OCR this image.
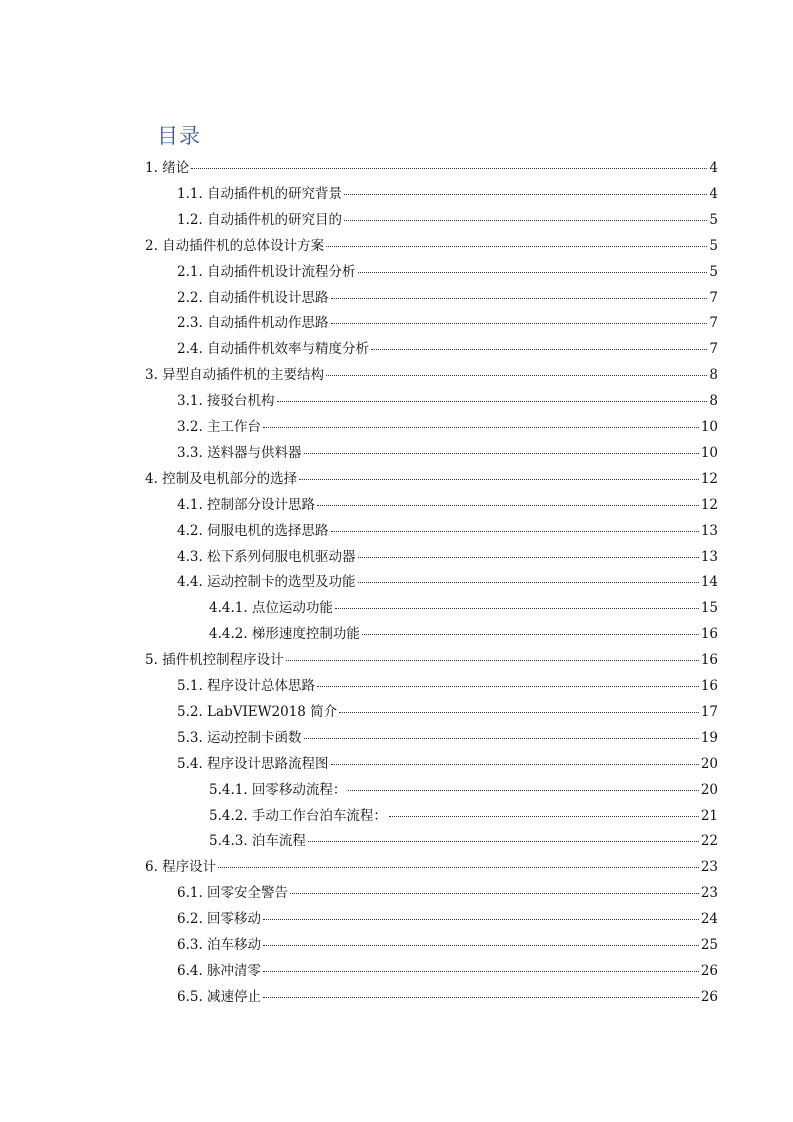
目录
1. 绪论	4
1.1. 自动插件机的研究背景	4
1.2. 自动插件机的研究目的	5
2. 自动插件机的总体设计方案	5
2.1. 自动插件机设计流程分析	5
2.2. 自动插件机设计思路	7
2.3. 自动插件机动作思路	7
2.4. 自动插件机效率与精度分析	7
3. 异型自动插件机的主要结构	8
3.1. 接驳台机构	8
3.2. 主工作台	10
3.3. 送料器与供料器	10
4. 控制及电机部分的选择	12
4.1. 控制部分设计思路	12
4.2. 伺服电机的选择思路	13
4.3. 松下系列伺服电机驱动器	13
4.4. 运动控制卡的选型及功能	14
4.4.1. 点位运动功能	15
4.4.2. 梯形速度控制功能	16
5. 插件机控制程序设计	16
5.1. 程序设计总体思路	16
5.2. LabVIEW2018 简介	17
5.3. 运动控制卡函数	19
5.4. 程序设计思路流程图	20
5.4.1. 回零移动流程：	20
5.4.2. 手动工作台泊车流程：	21
5.4.3. 泊车流程	22
6. 程序设计	23
6.1. 回零安全警告	23
6.2. 回零移动	24
6.3. 泊车移动	25
6.4. 脉冲清零	26
6.5. 减速停止	26
